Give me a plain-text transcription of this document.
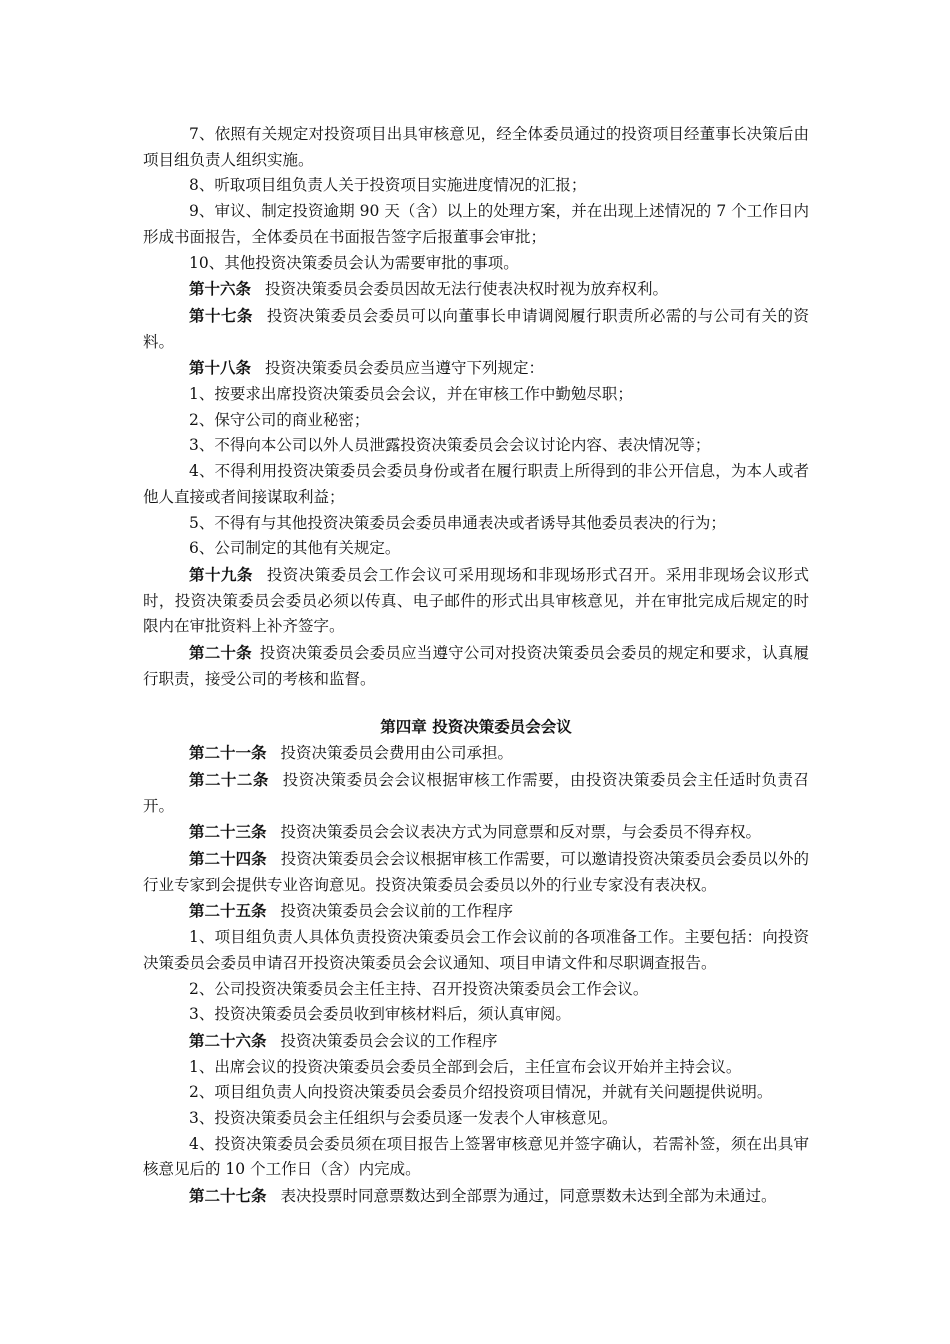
7、依照有关规定对投资项目出具审核意见，经全体委员通过的投资项目经董事长决策后由项目组负责人组织实施。

8、听取项目组负责人关于投资项目实施进度情况的汇报；

9、审议、制定投资逾期 90 天（含）以上的处理方案，并在出现上述情况的 7 个工作日内形成书面报告，全体委员在书面报告签字后报董事会审批；

10、其他投资决策委员会认为需要审批的事项。

第十六条 投资决策委员会委员因故无法行使表决权时视为放弃权利。

第十七条 投资决策委员会委员可以向董事长申请调阅履行职责所必需的与公司有关的资料。

第十八条 投资决策委员会委员应当遵守下列规定：

1、按要求出席投资决策委员会会议，并在审核工作中勤勉尽职；

2、保守公司的商业秘密；

3、不得向本公司以外人员泄露投资决策委员会会议讨论内容、表决情况等；

4、不得利用投资决策委员会委员身份或者在履行职责上所得到的非公开信息，为本人或者他人直接或者间接谋取利益；

5、不得有与其他投资决策委员会委员串通表决或者诱导其他委员表决的行为；

6、公司制定的其他有关规定。

第十九条 投资决策委员会工作会议可采用现场和非现场形式召开。采用非现场会议形式时，投资决策委员会委员必须以传真、电子邮件的形式出具审核意见，并在审批完成后规定的时限内在审批资料上补齐签字。

第二十条 投资决策委员会委员应当遵守公司对投资决策委员会委员的规定和要求，认真履行职责，接受公司的考核和监督。

第四章 投资决策委员会会议

第二十一条 投资决策委员会费用由公司承担。

第二十二条 投资决策委员会会议根据审核工作需要，由投资决策委员会主任适时负责召开。

第二十三条 投资决策委员会会议表决方式为同意票和反对票，与会委员不得弃权。

第二十四条 投资决策委员会会议根据审核工作需要，可以邀请投资决策委员会委员以外的行业专家到会提供专业咨询意见。投资决策委员会委员以外的行业专家没有表决权。

第二十五条 投资决策委员会会议前的工作程序

1、项目组负责人具体负责投资决策委员会工作会议前的各项准备工作。主要包括：向投资决策委员会委员申请召开投资决策委员会会议通知、项目申请文件和尽职调查报告。

2、公司投资决策委员会主任主持、召开投资决策委员会工作会议。

3、投资决策委员会委员收到审核材料后，须认真审阅。

第二十六条 投资决策委员会会议的工作程序

1、出席会议的投资决策委员会委员全部到会后，主任宣布会议开始并主持会议。

2、项目组负责人向投资决策委员会委员介绍投资项目情况，并就有关问题提供说明。

3、投资决策委员会主任组织与会委员逐一发表个人审核意见。

4、投资决策委员会委员须在项目报告上签署审核意见并签字确认，若需补签，须在出具审核意见后的 10 个工作日（含）内完成。

第二十七条 表决投票时同意票数达到全部票为通过，同意票数未达到全部为未通过。
